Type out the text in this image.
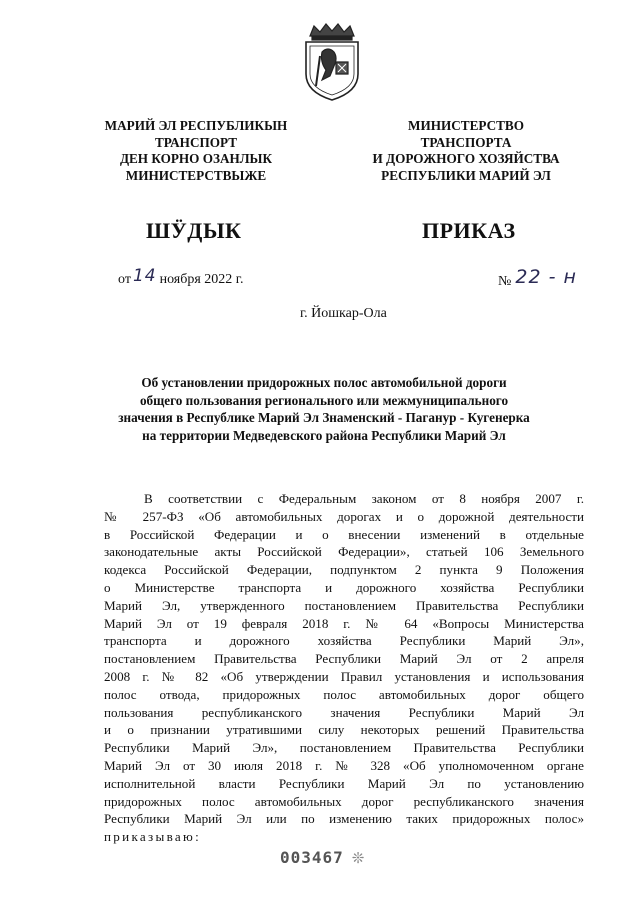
МАРИЙ ЭЛ РЕСПУБЛИКЫН
ТРАНСПОРТ
ДЕН КОРНО ОЗАНЛЫК
МИНИСТЕРСТВЫЖЕ
МИНИСТЕРСТВО
ТРАНСПОРТА
И ДОРОЖНОГО ХОЗЯЙСТВА
РЕСПУБЛИКИ МАРИЙ ЭЛ
ШӰДЫК	ПРИКАЗ
от 14 ноября 2022 г.	№ 22 - н
г. Йошкар-Ола
Об установлении придорожных полос автомобильной дороги
общего пользования регионального или межмуниципального
значения в Республике Марий Эл Знаменский - Паганур - Кугенерка
на территории Медведевского района Республики Марий Эл
В соответствии с Федеральным законом от 8 ноября 2007 г.
№ 257-ФЗ «Об автомобильных дорогах и о дорожной деятельности
в Российской Федерации и о внесении изменений в отдельные
законодательные акты Российской Федерации», статьей 106 Земельного
кодекса Российской Федерации, подпунктом 2 пункта 9 Положения
о Министерстве транспорта и дорожного хозяйства Республики
Марий Эл, утвержденного постановлением Правительства Республики
Марий Эл от 19 февраля 2018 г. № 64 «Вопросы Министерства
транспорта и дорожного хозяйства Республики Марий Эл»,
постановлением Правительства Республики Марий Эл от 2 апреля
2008 г. № 82 «Об утверждении Правил установления и использования
полос отвода, придорожных полос автомобильных дорог общего
пользования республиканского значения Республики Марий Эл
и о признании утратившими силу некоторых решений Правительства
Республики Марий Эл», постановлением Правительства Республики
Марий Эл от 30 июля 2018 г. № 328 «Об уполномоченном органе
исполнительной власти Республики Марий Эл по установлению
придорожных полос автомобильных дорог республиканского значения
Республики Марий Эл или по изменению таких придорожных полос»
приказываю:
003467 ❊
